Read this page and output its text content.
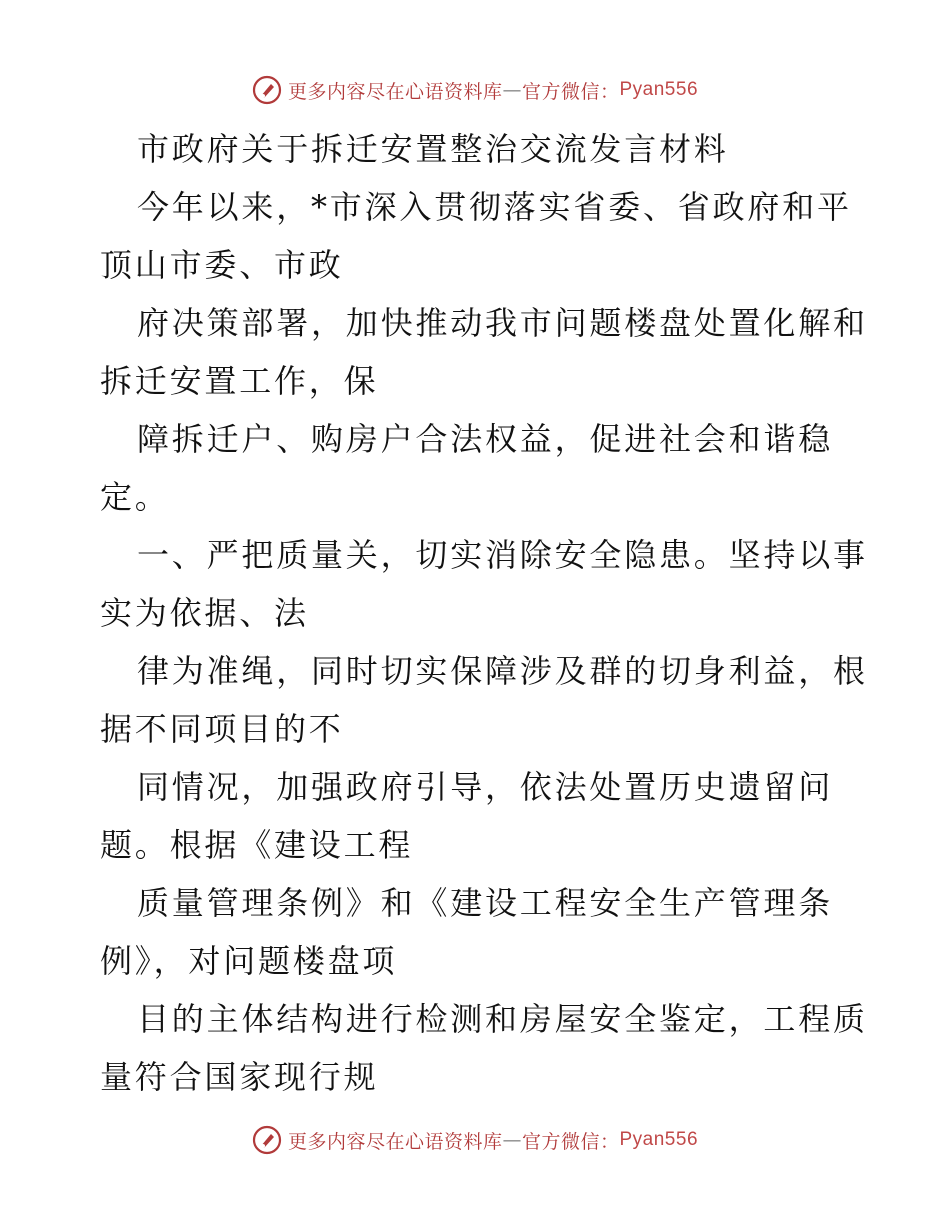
更多内容尽在心语资料库 — 官方微信： Pyan556
市政府关于拆迁安置整治交流发言材料
今年以来，*市深入贯彻落实省委、省政府和平
顶山市委、市政
府决策部署，加快推动我市问题楼盘处置化解和
拆迁安置工作，保
障拆迁户、购房户合法权益，促进社会和谐稳
定。
一、严把质量关，切实消除安全隐患。坚持以事
实为依据、法
律为准绳，同时切实保障涉及群的切身利益，根
据不同项目的不
同情况，加强政府引导，依法处置历史遗留问
题。根据《建设工程
质量管理条例》和《建设工程安全生产管理条
例》，对问题楼盘项
目的主体结构进行检测和房屋安全鉴定，工程质
量符合国家现行规
更多内容尽在心语资料库 — 官方微信： Pyan556
